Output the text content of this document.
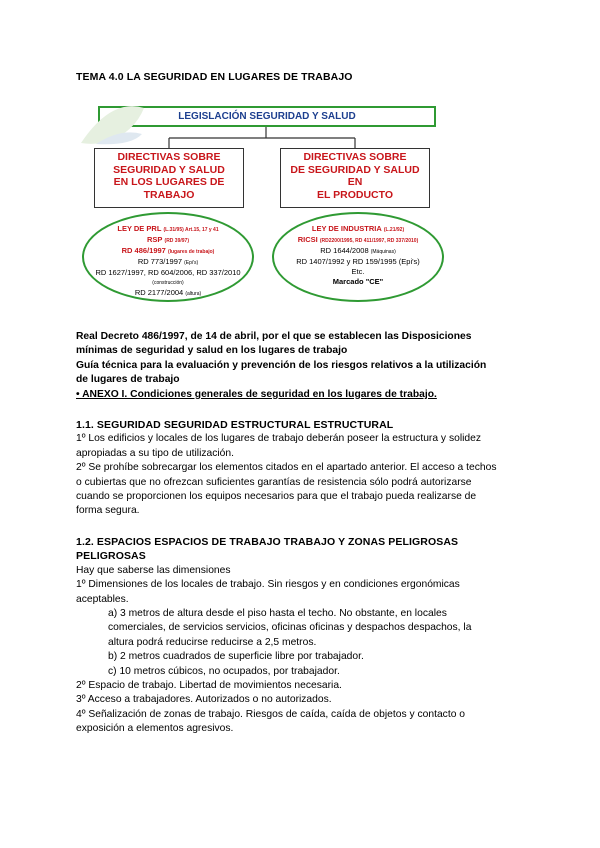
TEMA 4.0 LA SEGURIDAD EN LUGARES DE TRABAJO
LEGISLACIÓN SEGURIDAD Y SALUD
DIRECTIVAS SOBRE
SEGURIDAD Y SALUD
EN LOS LUGARES DE
TRABAJO
DIRECTIVAS SOBRE
DE SEGURIDAD Y SALUD
EN
EL PRODUCTO
LEY DE PRL (L.31/95) Art.15, 17 y 41
RSP (RD 39/97)
RD 486/1997 (lugares de trabajo)
RD 773/1997 (Epi's)
RD 1627/1997, RD 604/2006, RD 337/2010
(construcción)
RD 2177/2004 (altura)
LEY DE INDUSTRIA (L.21/92)
RICSI (RD2200/1995, RD 411/1997, RD 337/2010)
RD 1644/2008 (Máquinas)
RD 1407/1992 y RD 159/1995 (Epi's)
Etc.
Marcado "CE"
Real Decreto 486/1997, de 14 de abril, por el que se establecen las Disposiciones
mínimas de seguridad y salud en los lugares de trabajo
Guía técnica para la evaluación y prevención de los riesgos relativos a la utilización
de lugares de trabajo
• ANEXO I. Condiciones generales de seguridad en los lugares de trabajo.
1.1. SEGURIDAD SEGURIDAD ESTRUCTURAL ESTRUCTURAL
1º Los edificios y locales de los lugares de trabajo deberán poseer la estructura y solidez
apropiadas a su tipo de utilización.
2º Se prohíbe sobrecargar los elementos citados en el apartado anterior. El acceso a techos
o cubiertas que no ofrezcan suficientes garantías de resistencia sólo podrá autorizarse
cuando se proporcionen los equipos necesarios para que el trabajo pueda realizarse de
forma segura.
1.2. ESPACIOS ESPACIOS DE TRABAJO TRABAJO Y ZONAS PELIGROSAS
PELIGROSAS
Hay que saberse las dimensiones
1º Dimensiones de los locales de trabajo. Sin riesgos y en condiciones ergonómicas
aceptables.
a) 3 metros de altura desde el piso hasta el techo. No obstante, en locales
comerciales, de servicios servicios, oficinas oficinas y despachos despachos, la
altura podrá reducirse reducirse a 2,5 metros.
b) 2 metros cuadrados de superficie libre por trabajador.
c) 10 metros cúbicos, no ocupados, por trabajador.
2º Espacio de trabajo. Libertad de movimientos necesaria.
3º Acceso a trabajadores. Autorizados o no autorizados.
4º Señalización de zonas de trabajo. Riesgos de caída, caída de objetos y contacto o
exposición a elementos agresivos.
